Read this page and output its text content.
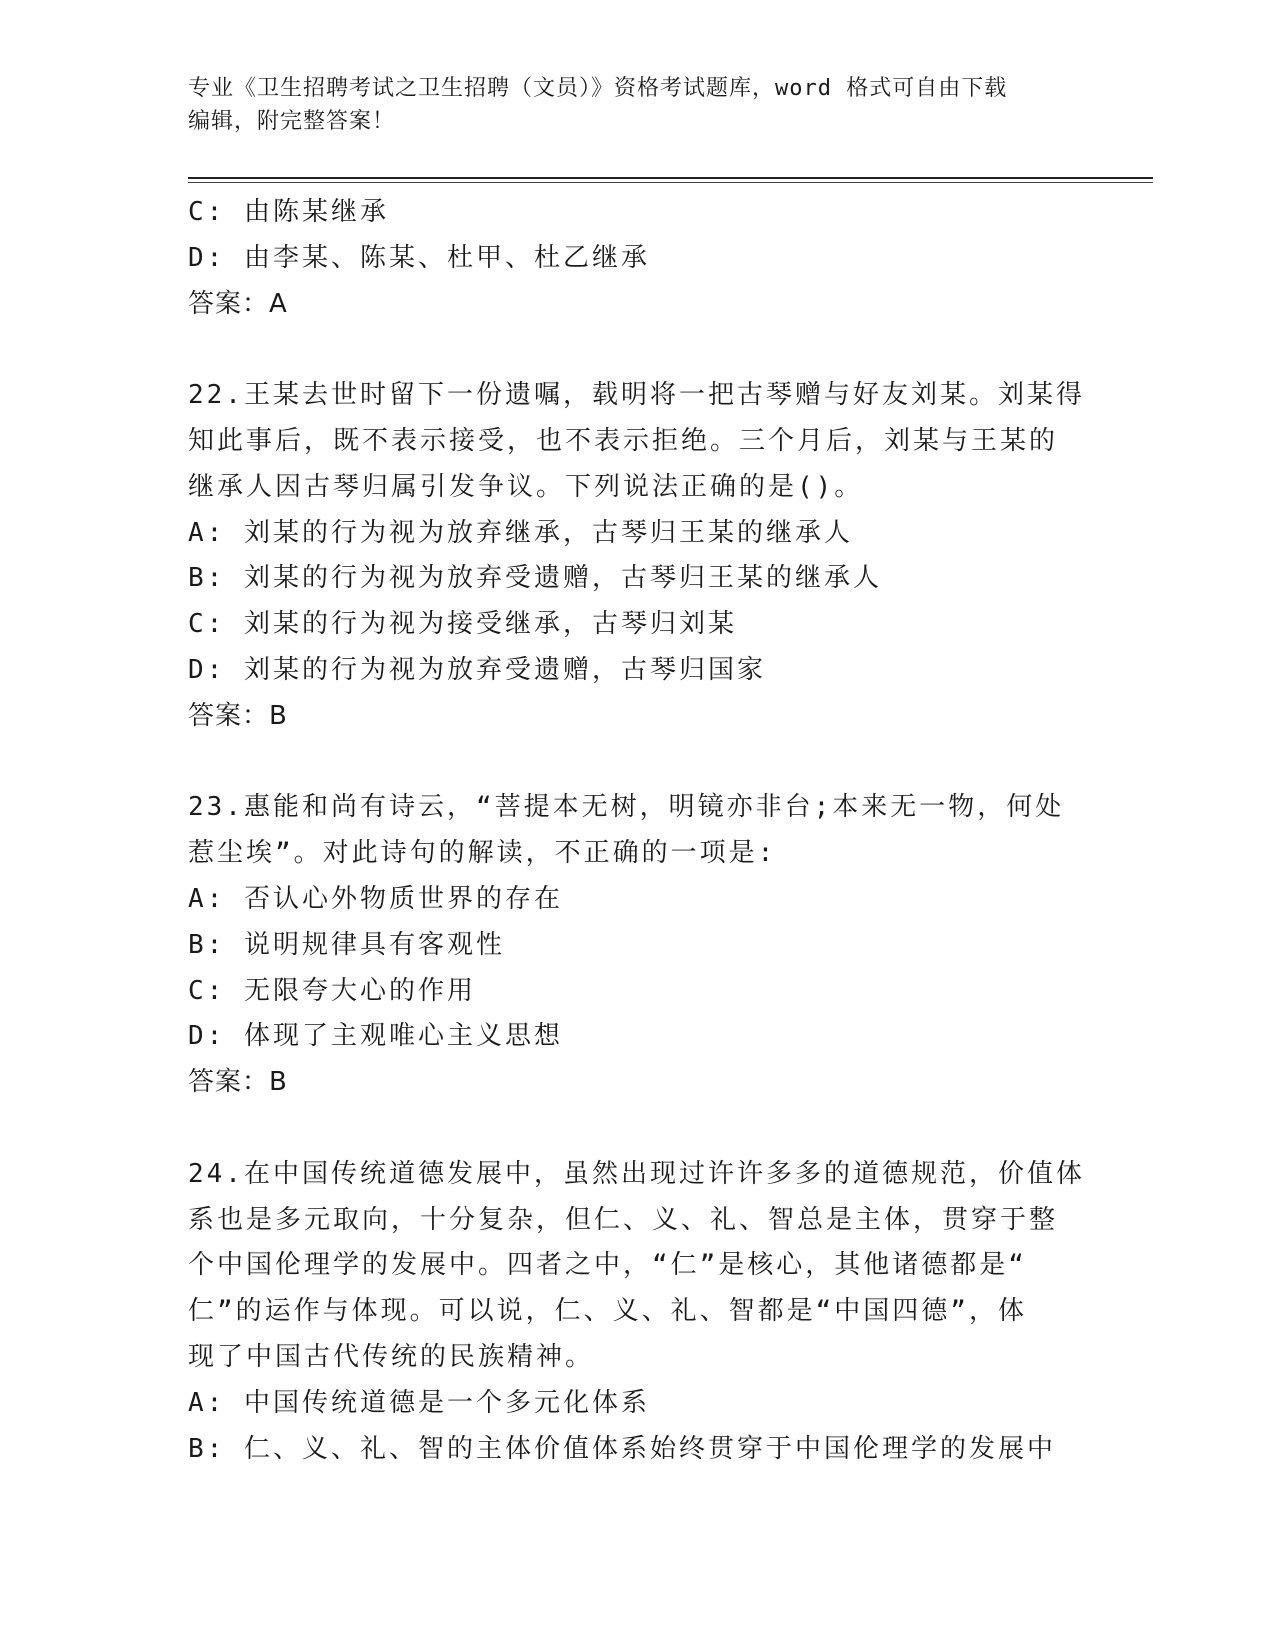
专业《卫生招聘考试之卫生招聘（文员）》资格考试题库，word 格式可自由下载
编辑，附完整答案！
C: 由陈某继承
D: 由李某、陈某、杜甲、杜乙继承
答案：A
22.王某去世时留下一份遗嘱，载明将一把古琴赠与好友刘某。刘某得
知此事后，既不表示接受，也不表示拒绝。三个月后，刘某与王某的
继承人因古琴归属引发争议。下列说法正确的是()。
A: 刘某的行为视为放弃继承，古琴归王某的继承人
B: 刘某的行为视为放弃受遗赠，古琴归王某的继承人
C: 刘某的行为视为接受继承，古琴归刘某
D: 刘某的行为视为放弃受遗赠，古琴归国家
答案：B
23.惠能和尚有诗云，“菩提本无树，明镜亦非台;本来无一物，何处
惹尘埃”。对此诗句的解读，不正确的一项是:
A: 否认心外物质世界的存在
B: 说明规律具有客观性
C: 无限夸大心的作用
D: 体现了主观唯心主义思想
答案：B
24.在中国传统道德发展中，虽然出现过许许多多的道德规范，价值体
系也是多元取向，十分复杂，但仁、义、礼、智总是主体，贯穿于整
个中国伦理学的发展中。四者之中，“仁”是核心，其他诸德都是“
仁”的运作与体现。可以说，仁、义、礼、智都是“中国四德”，体
现了中国古代传统的民族精神。
A: 中国传统道德是一个多元化体系
B: 仁、义、礼、智的主体价值体系始终贯穿于中国伦理学的发展中
